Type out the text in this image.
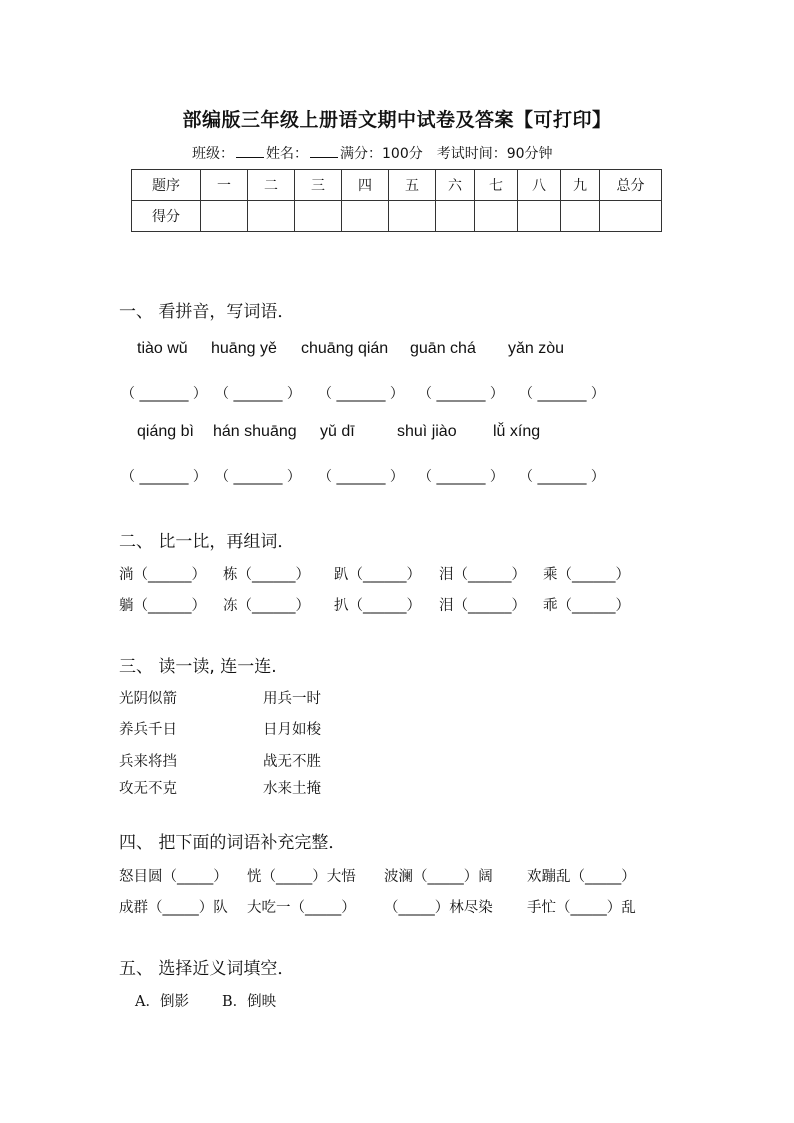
部编版三年级上册语文期中试卷及答案【可打印】
班级： 姓名： 满分：100分 考试时间：90分钟
题序	一	二	三	四	五	六	七	八	九	总分
得分										
一、 看拼音，写词语．
tiào wǔ huāng yě chuāng qián guān chá yǎn zòu
（ _______ ） （ _______ ） （ _______ ） （ _______ ） （ _______ ）
qiáng bì hán shuāng yǔ dī	shuì jiào lǚ xíng
（ _______ ） （ _______ ） （ _______ ） （ _______ ） （ _______ ）
二、 比一比，再组词．
淌（______） 栋（______） 趴（______） 泪（______） 乘（______）
躺（______） 冻（______） 扒（______） 泪（______） 乖（______）
三、 读一读, 连一连.
光阴似箭
养兵千日
兵来将挡
攻无不克
用兵一时
日月如梭
战无不胜
水来土掩
四、 把下面的词语补充完整．
怒目圆（_____） 恍（_____）大悟 波澜（_____）阔 欢蹦乱（_____）
成群（_____）队 大吃一（_____） （_____）林尽染 手忙（_____）乱
五、 选择近义词填空．
A．倒影 B．倒映
